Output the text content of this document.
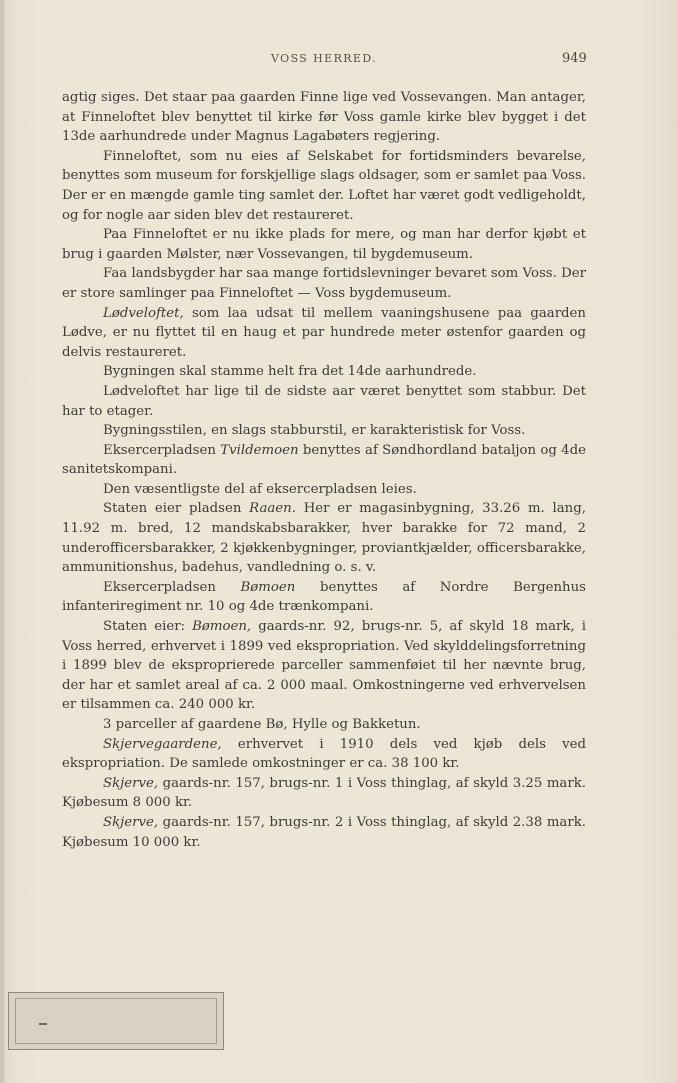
VOSS HERRED.	949

agtig siges. Det staar paa gaarden Finne lige ved Vossevangen. Man antager, at Finneloftet blev benyttet til kirke før Voss gamle kirke blev bygget i det 13de aarhundrede under Magnus Lagabøters regjering.

Finneloftet, som nu eies af Selskabet for fortidsminders bevarelse, benyttes som museum for forskjellige slags oldsager, som er samlet paa Voss. Der er en mængde gamle ting samlet der. Loftet har været godt vedligeholdt, og for nogle aar siden blev det restaureret.

Paa Finneloftet er nu ikke plads for mere, og man har derfor kjøbt et brug i gaarden Mølster, nær Vossevangen, til bygdemuseum.

Faa landsbygder har saa mange fortidslevninger bevaret som Voss. Der er store samlinger paa Finneloftet — Voss bygdemuseum.

Lødveloftet, som laa udsat til mellem vaaningshusene paa gaarden Lødve, er nu flyttet til en haug et par hundrede meter østenfor gaarden og delvis restaureret.

Bygningen skal stamme helt fra det 14de aarhundrede.

Lødveloftet har lige til de sidste aar været benyttet som stabbur. Det har to etager.

Bygningsstilen, en slags stabburstil, er karakteristisk for Voss.

Eksercerpladsen Tvildemoen benyttes af Søndhordland bataljon og 4de sanitetskompani.

Den væsentligste del af eksercerpladsen leies.

Staten eier pladsen Raaen. Her er magasinbygning, 33.26 m. lang, 11.92 m. bred, 12 mandskabsbarakker, hver barakke for 72 mand, 2 underofficersbarakker, 2 kjøkkenbygninger, proviantkjælder, officersbarakke, ammunitionshus, badehus, vandledning o. s. v.

Eksercerpladsen Bømoen benyttes af Nordre Bergenhus infanteriregiment nr. 10 og 4de trænkompani.

Staten eier: Bømoen, gaards-nr. 92, brugs-nr. 5, af skyld 18 mark, i Voss herred, erhvervet i 1899 ved ekspropriation. Ved skylddelingsforretning i 1899 blev de eksproprierede parceller sammenføiet til her nævnte brug, der har et samlet areal af ca. 2 000 maal. Omkostningerne ved erhvervelsen er tilsammen ca. 240 000 kr.

3 parceller af gaardene Bø, Hylle og Bakketun.

Skjervegaardene, erhvervet i 1910 dels ved kjøb dels ved ekspropriation. De samlede omkostninger er ca. 38 100 kr.

Skjerve, gaards-nr. 157, brugs-nr. 1 i Voss thinglag, af skyld 3.25 mark. Kjøbesum 8 000 kr.

Skjerve, gaards-nr. 157, brugs-nr. 2 i Voss thinglag, af skyld 2.38 mark. Kjøbesum 10 000 kr.
